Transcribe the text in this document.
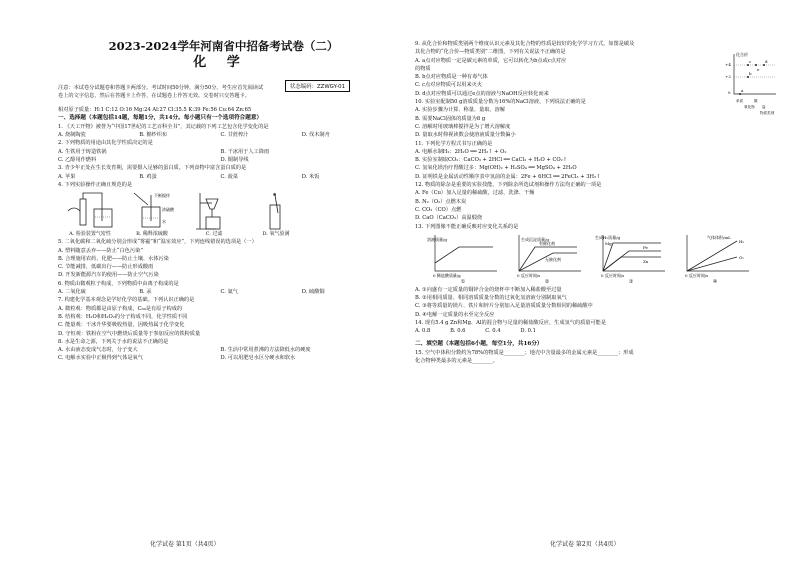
2023-2024学年河南省中招备考试卷（二）
化 学
注意：本试卷分试题卷和答题卡两部分。考试时间50分钟，满分50分。考生应首先阅读试
卷上的文字信息，然后在答题卡上作答，在试题卷上作答无效。交卷时只交答题卡。
相对原子质量：H:1 C:12 O:16 Mg:24 Al:27 Cl:35.5 K:39 Fe:56 Cu:64 Zn:65
一、选择题（本题包括14题，每题1分，共14分。每小题只有一个选项符合题意）
1. 《天工开物》被誉为“中国17世纪的工艺百科全书”，其记载的下列工艺包含化学变化的是
A. 烧制陶瓷	B. 棉纱织布	C. 甘蔗榨汁	D. 伐木制舟
2. 下列物质的用途由其化学性质决定的是
A. 生铁用于铸造铁锅	B. 干冰用于人工降雨
C. 乙醇用作燃料	D. 铜制导线
3. 青少年正处在生长发育期，需要摄入足够的蛋白质。下列食物中富含蛋白质的是
A. 苹果	B. 鸡蛋	C. 菠菜	D. 米饭
4. 下列实验操作正确且规范的是
A. 检验装置气密性
不断搅拌
浓硫酸
水
B. 稀释浓硫酸	C. 过滤	D. 氧气验满
5. 二氧化碳和二氧化硫分别会形成“雾霾”和“温室效应”，下列连线错误的选项是（一）
A. 塑料随意丢弃——防止“白色污染”
B. 合理施用农药、化肥——防止土壤、水体污染
C. 节能减排，低碳出行——防止形成酸雨
D. 开发新能源汽车的使用——防止空气污染
6. 物质由微观粒子构成，下列物质中由离子构成的是
A. 二氧化硫	B. 汞	C. 氦气	D. 硫酸铜
7. 构建化学基本观念是学好化学的基础。下列认识正确的是
A. 微粒观：物质都是由原子构成，C₆₀是有原子构成的
B. 结构观：H₂O和H₂O₂的分子构成不同，化学性质不同
C. 能量观：干冰升华要吸收热量，因吸热属于化学变化
D. 守恒观：铁粉在空气中燃烧后质量等于参加反应的铁粉质量
8. 水是生命之源，下列关于水的说法不正确的是
A. 水由液态变成气态时，分子变大	B. 生活中常用煮沸的方法降低水的硬度
C. 电解水实验中正极得到气体是氧气	D. 可以用肥皂水区分硬水和软水
状态编码：ZZWGY-01
化学试卷 第1页（共4页）
9. 从化合价和物质类别两个维度认识元素及其化合物的性质是较好的化学学习方式。如图是碳及
其化合物的“化合价—物质类别”二维图，下列有关说法不正确的是
A. a点对应物质一定是碳元素的单质，它可以转化为b点或c点对应
的物质
B. b点对应物质是一种有毒气体
C. c点对应物质可以用来灭火
D. d点对应物质可以通过e点的溶液与NaOH反应转化而来
10. 实验室配制50 g溶质质量分数为16%的NaCl溶液，下列说法正确的是
A. 实验步骤为计算、称量、量取、溶解
B. 需要NaCl固体的质量为8 g
C. 溶解时用玻璃棒搅拌是为了增大溶解度
D. 量取水时仰视读数会使溶液质量分数偏小
11. 下列化学方程式书写正确的是
A. 电解水制H₂：2H₂O ══ 2H₂↑ + O₂
B. 实验室制取CO₂：CaCO₃ + 2HCl ══ CaCl₂ + H₂O + CO₂↑
C. 氢氧化镁治疗胃酸过多：Mg(OH)₂ + H₂SO₄ ══ MgSO₄ + 2H₂O
D. 证明铁是金属活动性顺序表中氢前的金属：2Fe + 6HCl ══ 2FeCl₃ + 3H₂↑
12. 物质的除杂是重要的实验技能。下列除杂所选试剂和操作方法均正确的一项是
A. Fe（Cu）加入足量的稀硫酸，过滤、洗涤、干燥
B. N₂（O₂）点燃木炭
C. CO₂（CO）点燃
D. CaO（CaCO₃）高温煅烧
13. 下列图像不能正确反映对应变化关系的是
溶液质量/g
0 稀盐酸质量/g
①
生成沉淀质量/g
有催化剂
无催化剂
0 反应时间/s
②
生成H₂质量/g
Mg
Fe
Zn
0 反应时间/s
③
气体体积/mL
H₂
O₂
0 反应时间/s
④
A. ①向盛有一定质量的铜锌合金的烧杯中不断加入稀盐酸至过量
B. ②用相同质量、相同溶质质量分数的过氧化氢溶液分别制取氧气
C. ③将等质量的镁片、铁片和锌片分别加入足量溶质质量分数相同的稀硫酸中
D. ④电解一定质量的水至完全反应
14. 现有5.4 g Zn和Mg、Al的混合物与足量的稀盐酸反应，生成氢气的质量可能是
A. 0.8            B. 0.6            C. 0.4            D. 0.1
二、填空题（本题包括6小题，每空1分，共16分）
15. 空气中体积分数约为78%的物质是________；地壳中含量最多的金属元素是________；形成
化合物种类最多的元素是________。
化合价
+4
+2
0	a
b
c	d
e
单质
氧化物
酸
盐
物质类别
化学试卷 第2页（共4页）
